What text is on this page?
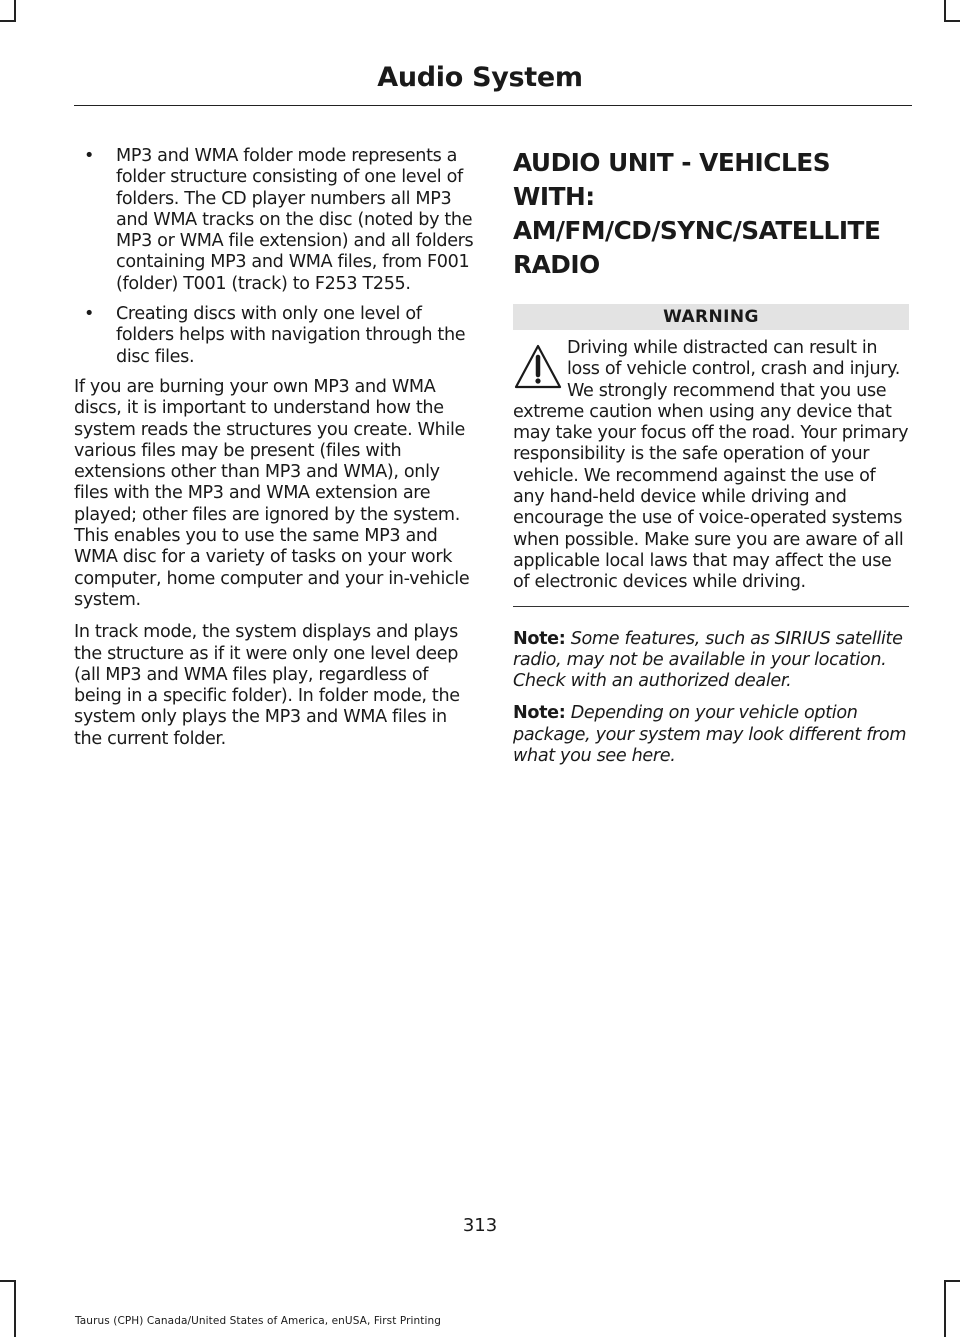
Audio System
• MP3 and WMA folder mode represents a folder structure consisting of one level of folders. The CD player numbers all MP3 and WMA tracks on the disc (noted by the MP3 or WMA file extension) and all folders containing MP3 and WMA files, from F001 (folder) T001 (track) to F253 T255.
• Creating discs with only one level of folders helps with navigation through the disc files.

If you are burning your own MP3 and WMA discs, it is important to understand how the system reads the structures you create. While various files may be present (files with extensions other than MP3 and WMA), only files with the MP3 and WMA extension are played; other files are ignored by the system. This enables you to use the same MP3 and WMA disc for a variety of tasks on your work computer, home computer and your in-vehicle system.

In track mode, the system displays and plays the structure as if it were only one level deep (all MP3 and WMA files play, regardless of being in a specific folder). In folder mode, the system only plays the MP3 and WMA files in the current folder.

AUDIO UNIT - VEHICLES WITH:
AM/FM/CD/SYNC/SATELLITE
RADIO
WARNING

Driving while distracted can result in loss of vehicle control, crash and injury. We strongly recommend that you use extreme caution when using any device that may take your focus off the road. Your primary responsibility is the safe operation of your vehicle. We recommend against the use of any hand-held device while driving and encourage the use of voice-operated systems when possible. Make sure you are aware of all applicable local laws that may affect the use of electronic devices while driving.

Note: Some features, such as SIRIUS satellite radio, may not be available in your location. Check with an authorized dealer.

Note: Depending on your vehicle option package, your system may look different from what you see here.

313
Taurus (CPH) Canada/United States of America, enUSA, First Printing
